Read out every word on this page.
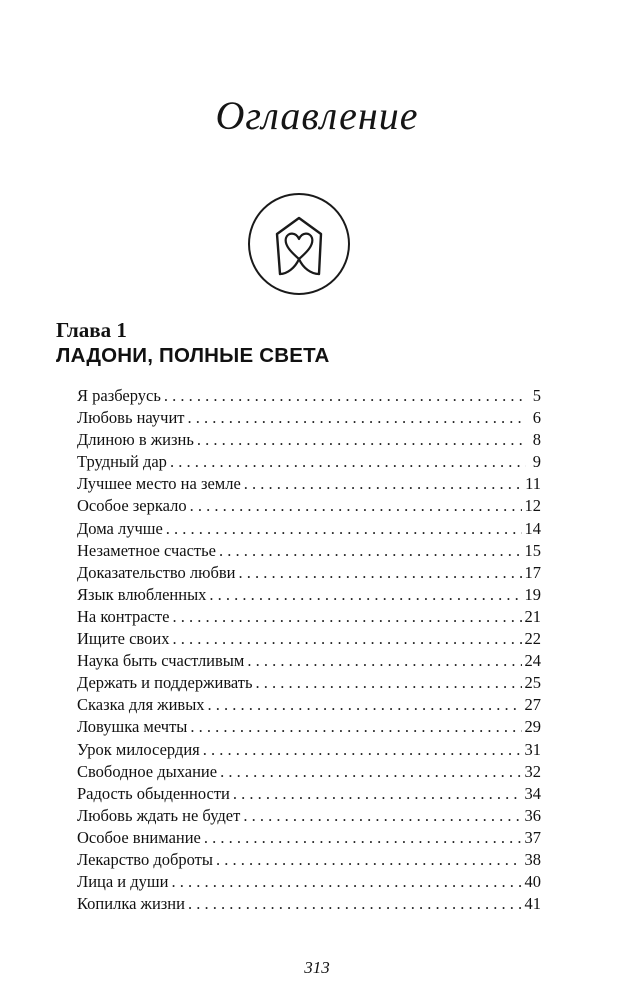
Оглавление
Глава 1
ЛАДОНИ, ПОЛНЫЕ СВЕТА
Я разберусь . . .	5
Любовь научит . . .	6
Длиною в жизнь . . .	8
Трудный дар . . .	9
Лучшее место на земле . . .	11
Особое зеркало . . .	12
Дома лучше . . .	14
Незаметное счастье . . .	15
Доказательство любви . . .	17
Язык влюбленных . . .	19
На контрасте . . .	21
Ищите своих . . .	22
Наука быть счастливым . . .	24
Держать и поддерживать . . .	25
Сказка для живых . . .	27
Ловушка мечты . . .	29
Урок милосердия . . .	31
Свободное дыхание . . .	32
Радость обыденности . . .	34
Любовь ждать не будет . . .	36
Особое внимание . . .	37
Лекарство доброты . . .	38
Лица и души . . .	40
Копилка жизни . . .	41
313
